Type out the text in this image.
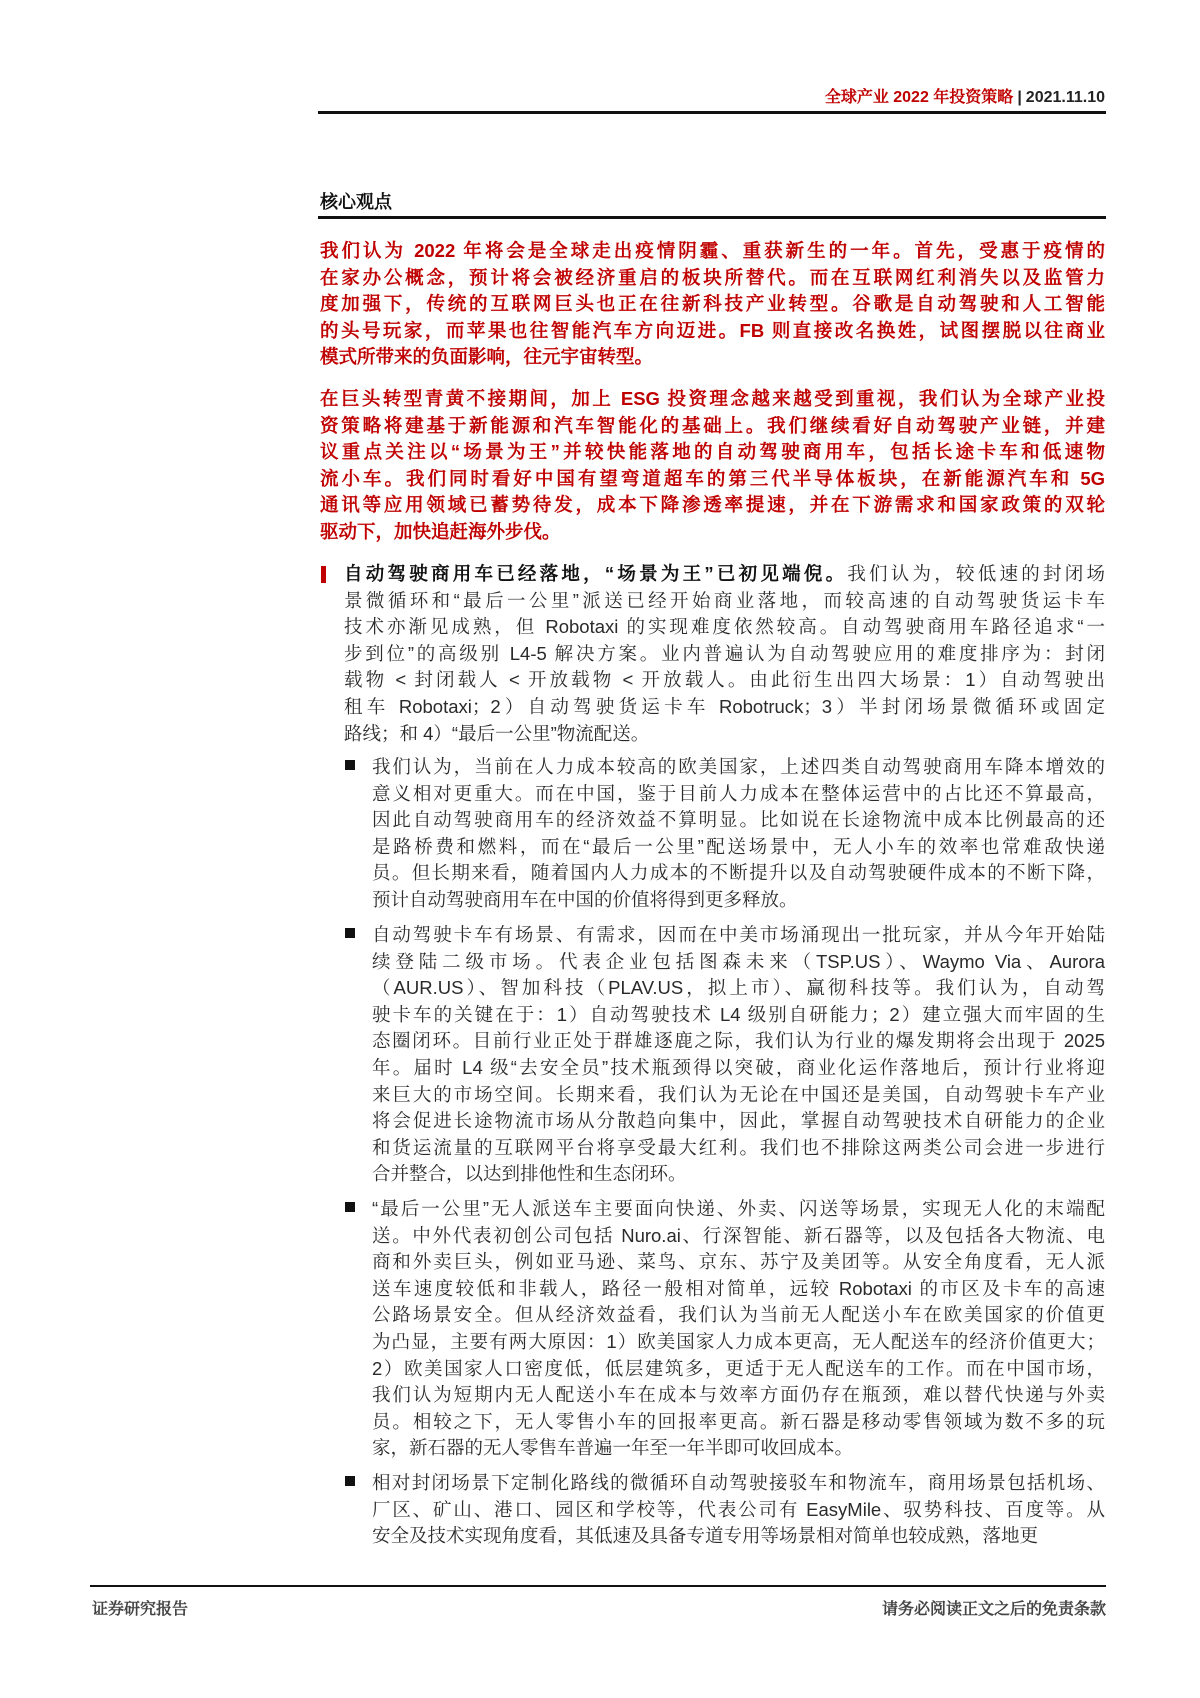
全球产业 2022 年投资策略 | 2021.11.10
核心观点
我们认为 2022 年将会是全球走出疫情阴霾、重获新生的一年。首先，受惠于疫情的
在家办公概念，预计将会被经济重启的板块所替代。而在互联网红利消失以及监管力
度加强下，传统的互联网巨头也正在往新科技产业转型。谷歌是自动驾驶和人工智能
的头号玩家，而苹果也往智能汽车方向迈进。FB 则直接改名换姓，试图摆脱以往商业
模式所带来的负面影响，往元宇宙转型。
在巨头转型青黄不接期间，加上 ESG 投资理念越来越受到重视，我们认为全球产业投
资策略将建基于新能源和汽车智能化的基础上。我们继续看好自动驾驶产业链，并建
议重点关注以“场景为王”并较快能落地的自动驾驶商用车，包括长途卡车和低速物
流小车。我们同时看好中国有望弯道超车的第三代半导体板块，在新能源汽车和 5G
通讯等应用领域已蓄势待发，成本下降渗透率提速，并在下游需求和国家政策的双轮
驱动下，加快追赶海外步伐。
自动驾驶商用车已经落地，“场景为王”已初见端倪。我们认为，较低速的封闭场
景微循环和“最后一公里”派送已经开始商业落地，而较高速的自动驾驶货运卡车
技术亦渐见成熟，但 Robotaxi 的实现难度依然较高。自动驾驶商用车路径追求“一
步到位”的高级别 L4-5 解决方案。业内普遍认为自动驾驶应用的难度排序为：封闭
载物 < 封闭载人 < 开放载物 < 开放载人。由此衍生出四大场景：1）自动驾驶出
租车 Robotaxi；2）自动驾驶货运卡车 Robotruck；3）半封闭场景微循环或固定
路线；和 4）“最后一公里”物流配送。
我们认为，当前在人力成本较高的欧美国家，上述四类自动驾驶商用车降本增效的
意义相对更重大。而在中国，鉴于目前人力成本在整体运营中的占比还不算最高，
因此自动驾驶商用车的经济效益不算明显。比如说在长途物流中成本比例最高的还
是路桥费和燃料，而在“最后一公里”配送场景中，无人小车的效率也常难敌快递
员。但长期来看，随着国内人力成本的不断提升以及自动驾驶硬件成本的不断下降，
预计自动驾驶商用车在中国的价值将得到更多释放。
自动驾驶卡车有场景、有需求，因而在中美市场涌现出一批玩家，并从今年开始陆
续登陆二级市场。代表企业包括图森未来（TSP.US）、Waymo Via、Aurora
（AUR.US）、智加科技（PLAV.US，拟上市）、赢彻科技等。我们认为，自动驾
驶卡车的关键在于：1）自动驾驶技术 L4 级别自研能力；2）建立强大而牢固的生
态圈闭环。目前行业正处于群雄逐鹿之际，我们认为行业的爆发期将会出现于 2025
年。届时 L4 级“去安全员”技术瓶颈得以突破，商业化运作落地后，预计行业将迎
来巨大的市场空间。长期来看，我们认为无论在中国还是美国，自动驾驶卡车产业
将会促进长途物流市场从分散趋向集中，因此，掌握自动驾驶技术自研能力的企业
和货运流量的互联网平台将享受最大红利。我们也不排除这两类公司会进一步进行
合并整合，以达到排他性和生态闭环。
“最后一公里”无人派送车主要面向快递、外卖、闪送等场景，实现无人化的末端配
送。中外代表初创公司包括 Nuro.ai、行深智能、新石器等，以及包括各大物流、电
商和外卖巨头，例如亚马逊、菜鸟、京东、苏宁及美团等。从安全角度看，无人派
送车速度较低和非载人，路径一般相对简单，远较 Robotaxi 的市区及卡车的高速
公路场景安全。但从经济效益看，我们认为当前无人配送小车在欧美国家的价值更
为凸显，主要有两大原因：1）欧美国家人力成本更高，无人配送车的经济价值更大；
2）欧美国家人口密度低，低层建筑多，更适于无人配送车的工作。而在中国市场，
我们认为短期内无人配送小车在成本与效率方面仍存在瓶颈，难以替代快递与外卖
员。相较之下，无人零售小车的回报率更高。新石器是移动零售领域为数不多的玩
家，新石器的无人零售车普遍一年至一年半即可收回成本。
相对封闭场景下定制化路线的微循环自动驾驶接驳车和物流车，商用场景包括机场、
厂区、矿山、港口、园区和学校等，代表公司有 EasyMile、驭势科技、百度等。从
安全及技术实现角度看，其低速及具备专道专用等场景相对简单也较成熟，落地更
证券研究报告	请务必阅读正文之后的免责条款
